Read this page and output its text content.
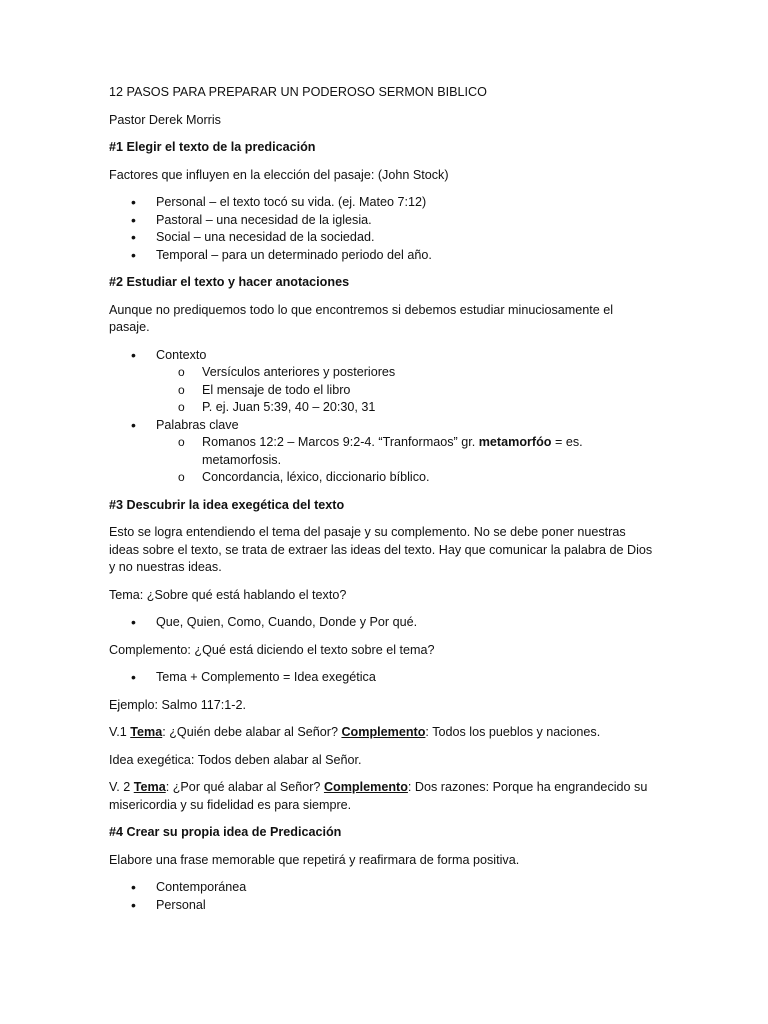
12 PASOS PARA PREPARAR UN PODEROSO SERMON BIBLICO

Pastor Derek Morris

#1 Elegir el texto de la predicación

Factores que influyen en la elección del pasaje: (John Stock)

• Personal – el texto tocó su vida. (ej. Mateo 7:12)
• Pastoral – una necesidad de la iglesia.
• Social – una necesidad de la sociedad.
• Temporal – para un determinado periodo del año.

#2 Estudiar el texto y hacer anotaciones

Aunque no prediquemos todo lo que encontremos si debemos estudiar minuciosamente el pasaje.

• Contexto
o Versículos anteriores y posteriores
o El mensaje de todo el libro
o P. ej. Juan 5:39, 40 – 20:30, 31
• Palabras clave
o Romanos 12:2 – Marcos 9:2-4. “Tranformaos” gr. metamorfóo = es. metamorfosis.
o Concordancia, léxico, diccionario bíblico.

#3 Descubrir la idea exegética del texto

Esto se logra entendiendo el tema del pasaje y su complemento. No se debe poner nuestras ideas sobre el texto, se trata de extraer las ideas del texto. Hay que comunicar la palabra de Dios y no nuestras ideas.

Tema: ¿Sobre qué está hablando el texto?

• Que, Quien, Como, Cuando, Donde y Por qué.

Complemento: ¿Qué está diciendo el texto sobre el tema?

• Tema + Complemento = Idea exegética

Ejemplo: Salmo 117:1-2.

V.1 Tema: ¿Quién debe alabar al Señor? Complemento: Todos los pueblos y naciones.

Idea exegética: Todos deben alabar al Señor.

V. 2 Tema: ¿Por qué alabar al Señor? Complemento: Dos razones: Porque ha engrandecido su misericordia y su fidelidad es para siempre.

#4 Crear su propia idea de Predicación

Elabore una frase memorable que repetirá y reafirmara de forma positiva.

• Contemporánea
• Personal
